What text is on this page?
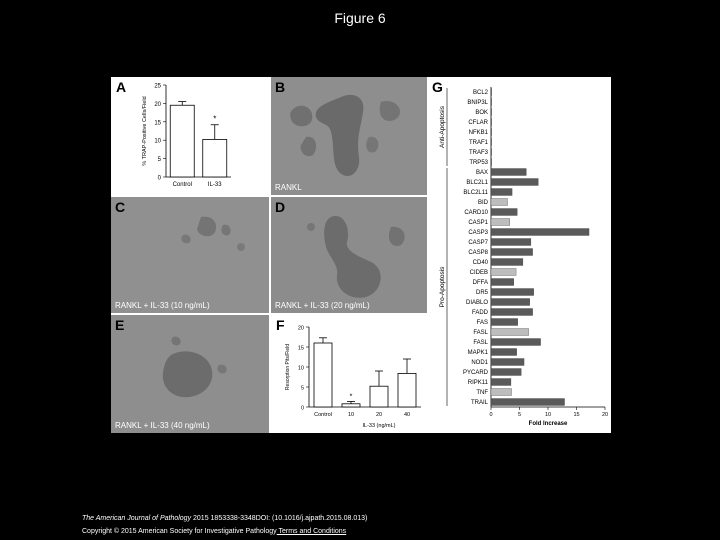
Figure 6
A	25
20
15
10
5
0
% TRAP-Positive Cells/Field
Control	IL-33
*
B
RANKL
C
RANKL + IL-33 (10 ng/mL)
D
RANKL + IL-33 (20 ng/mL)
E
RANKL + IL-33 (40 ng/mL)
F 20
15
10
5
0
Resorption Pits/Field
Control	10
*
20	40
IL-33 (ng/mL)
G	BCL2
BNIP3L
BOK
CFLAR
NFKB1
TRAF1
TRAF3
TRP53
BAX
BLC2L1
BLC2L11
BID
CARD10
CASP1
CASP3
CASP7
CASP8
CD40
CIDEB
DFFA
DR5
DIABLO
FADD
FAS
FASL
FASL
MAPK1
NOD1
PYCARD
RIPK11
TNF
TRAIL
0	5	10	15	20
Fold Increase
Anti-Apoptosis
Pro-Apoptosis
The American Journal of Pathology 2015 1853338-3348DOI: (10.1016/j.ajpath.2015.08.013)
Copyright © 2015 American Society for Investigative Pathology Terms and Conditions
